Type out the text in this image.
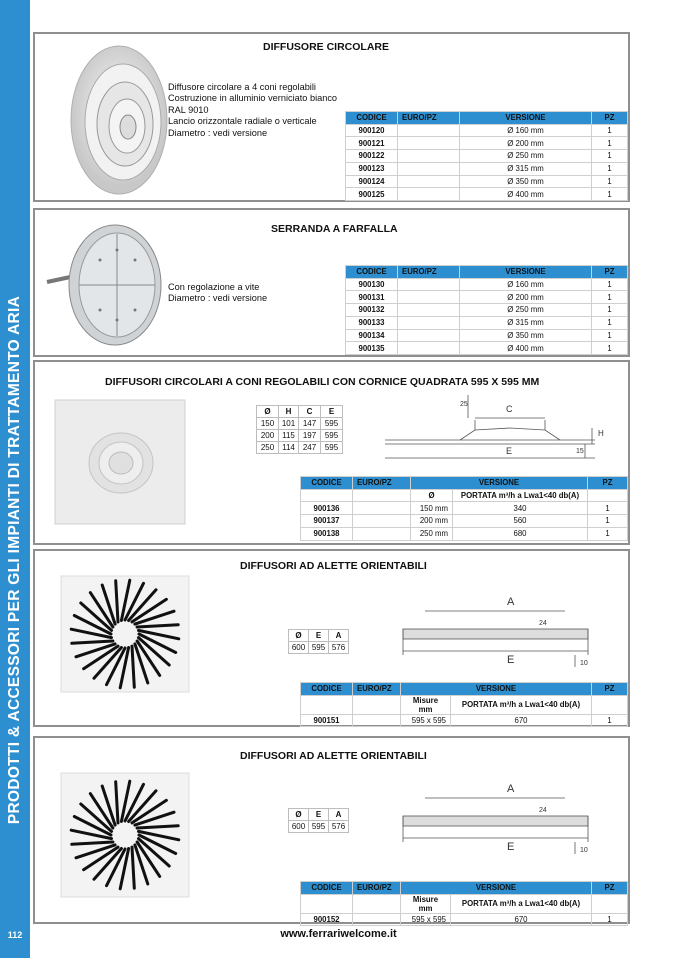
PRODOTTI & ACCESSORI PER GLI IMPIANTI DI TRATTAMENTO ARIA
112
DIFFUSORE CIRCOLARE
Diffusore circolare a 4 coni regolabili
Costruzione in alluminio verniciato bianco
RAL 9010
Lancio orizzontale radiale o verticale
Diametro : vedi versione
CODICE	EURO/PZ	VERSIONE	PZ
900120		Ø 160 mm	1
900121		Ø 200 mm	1
900122		Ø 250 mm	1
900123		Ø 315 mm	1
900124		Ø 350 mm	1
900125		Ø 400 mm	1
SERRANDA A FARFALLA
Con regolazione a vite
Diametro : vedi versione
CODICE	EURO/PZ	VERSIONE	PZ
900130		Ø 160 mm	1
900131		Ø 200 mm	1
900132		Ø 250 mm	1
900133		Ø 315 mm	1
900134		Ø 350 mm	1
900135		Ø 400 mm	1
DIFFUSORI CIRCOLARI A CONI REGOLABILI CON CORNICE QUADRATA 595 X 595 MM
Ø	H	C	E
150	101	147	595
200	115	197	595
250	114	247	595
C
E
H
25
15
CODICE	EURO/PZ	VERSIONE		PZ
		Ø	PORTATA m³/h a Lwa1<40 db(A)	
900136		150 mm	340	1
900137		200 mm	560	1
900138		250 mm	680	1
DIFFUSORI AD ALETTE ORIENTABILI
Ø	E	A
600	595	576
A
E
24
10
CODICE	EURO/PZ	VERSIONE		PZ
		Misure mm	PORTATA m³/h a Lwa1<40 db(A)	
900151		595 x 595	670	1
DIFFUSORI AD ALETTE ORIENTABILI
Ø	E	A
600	595	576
A
E
24
10
CODICE	EURO/PZ	VERSIONE		PZ
		Misure mm	PORTATA m³/h a Lwa1<40 db(A)	
900152		595 x 595	670	1
www.ferrariwelcome.it
